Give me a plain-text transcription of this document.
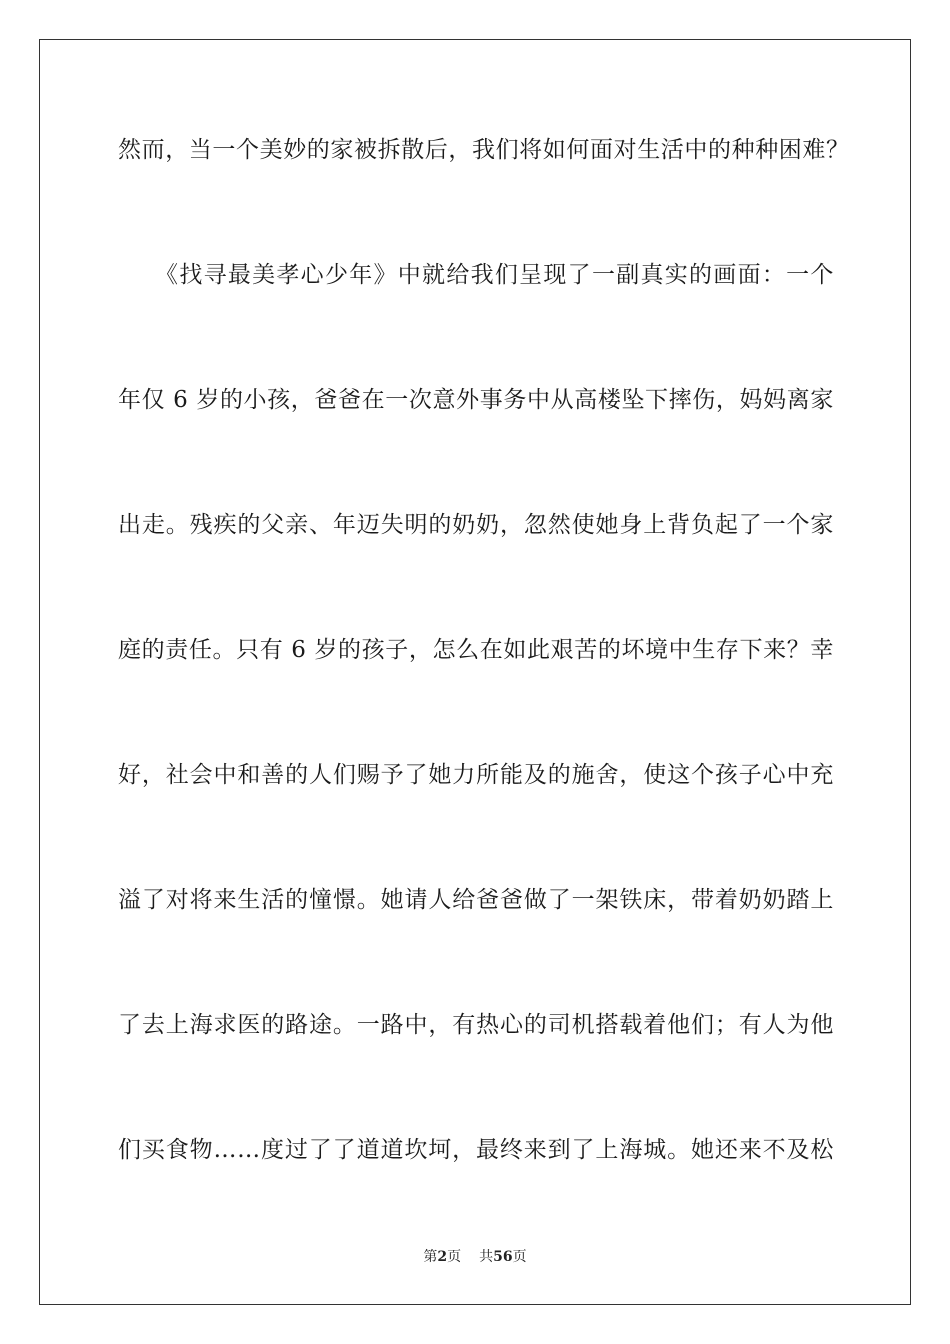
然而，当一个美妙的家被拆散后，我们将如何面对生活中的种种困难？
　　《找寻最美孝心少年》中就给我们呈现了一副真实的画面：一个
年仅 6 岁的小孩，爸爸在一次意外事务中从高楼坠下摔伤，妈妈离家
出走。残疾的父亲、年迈失明的奶奶，忽然使她身上背负起了一个家
庭的责任。只有 6 岁的孩子，怎么在如此艰苦的坏境中生存下来？幸
好，社会中和善的人们赐予了她力所能及的施舍，使这个孩子心中充
溢了对将来生活的憧憬。她请人给爸爸做了一架铁床，带着奶奶踏上
了去上海求医的路途。一路中，有热心的司机搭载着他们；有人为他
们买食物……度过了了道道坎坷，最终来到了上海城。她还来不及松
第2页 共56页
